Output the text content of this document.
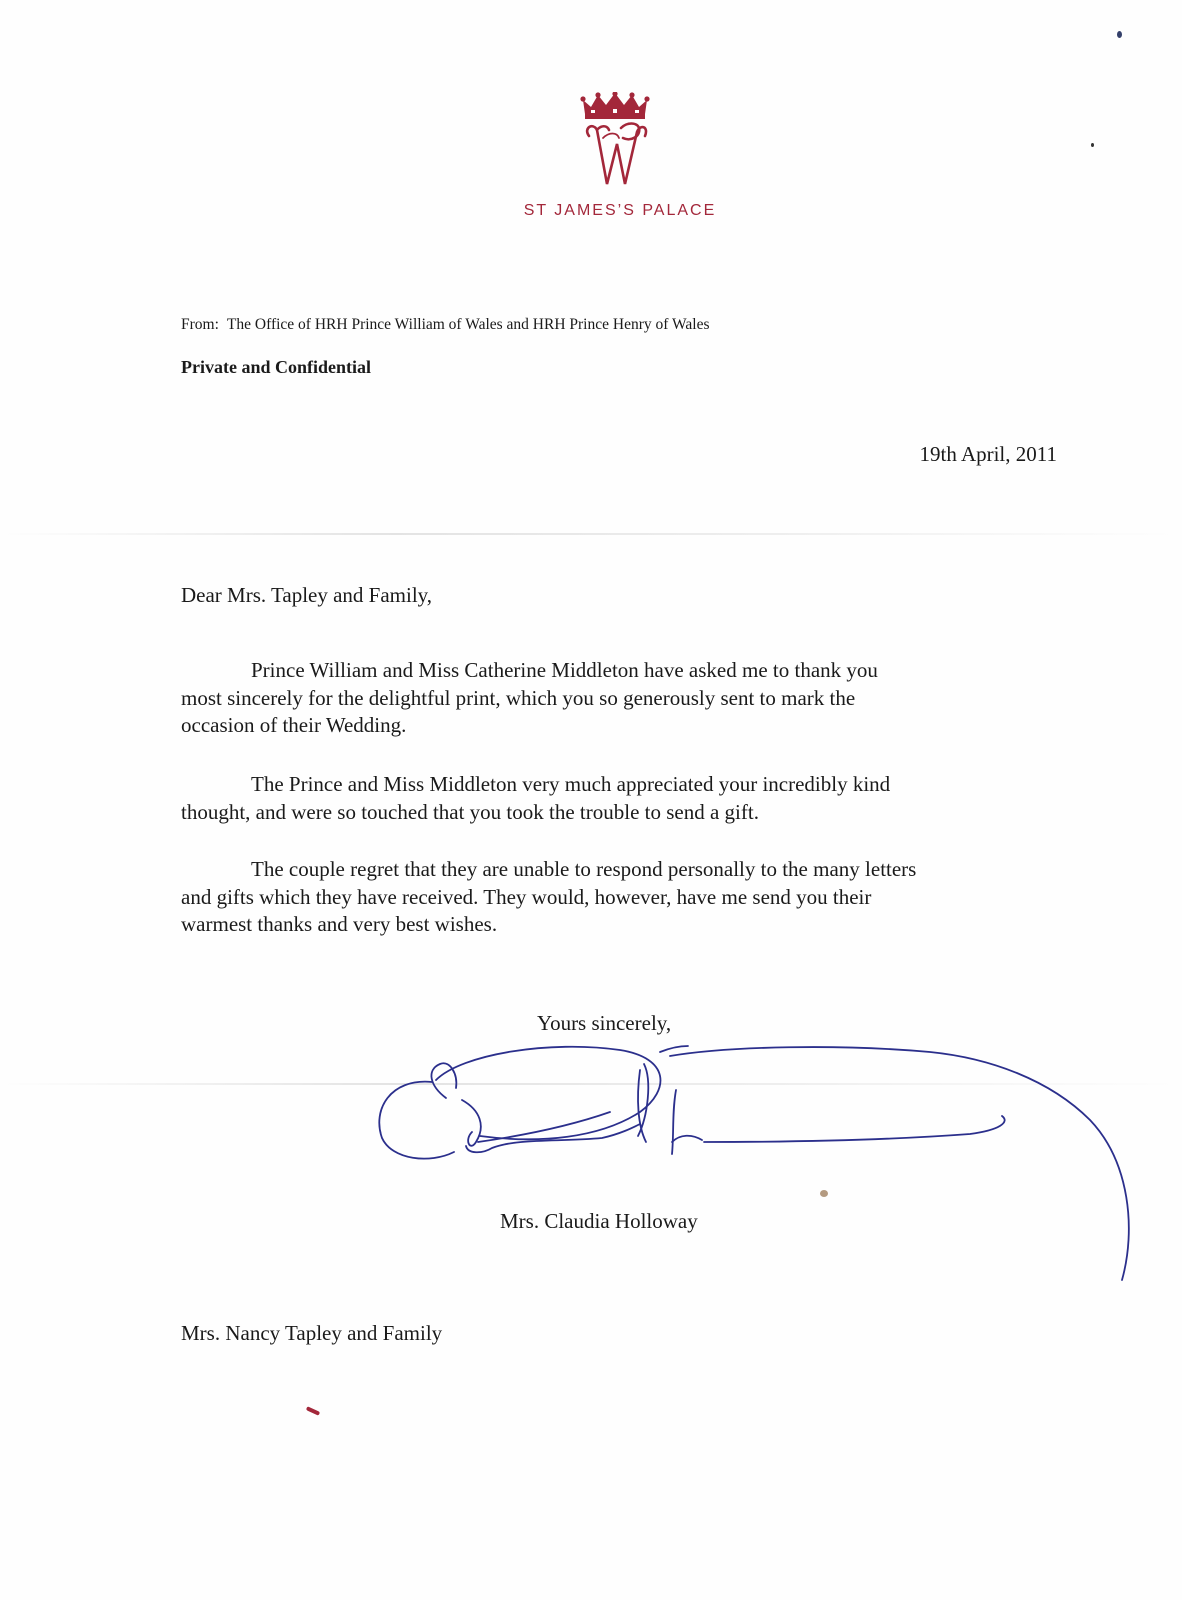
ST JAMES’S PALACE
From: The Office of HRH Prince William of Wales and HRH Prince Henry of Wales
Private and Confidential
19th April, 2011
Dear Mrs. Tapley and Family,

Prince William and Miss Catherine Middleton have asked me to thank you
most sincerely for the delightful print, which you so generously sent to mark the
occasion of their Wedding.

The Prince and Miss Middleton very much appreciated your incredibly kind
thought, and were so touched that you took the trouble to send a gift.

The couple regret that they are unable to respond personally to the many letters
and gifts which they have received. They would, however, have me send you their
warmest thanks and very best wishes.

Yours sincerely,
Mrs. Claudia Holloway
Mrs. Nancy Tapley and Family
